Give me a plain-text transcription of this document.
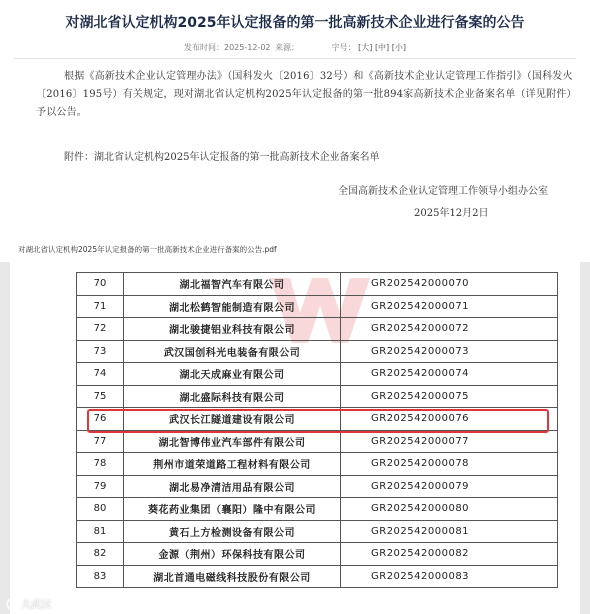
对湖北省认定机构2025年认定报备的第一批高新技术企业进行备案的公告
发布时间：2025-12-02 来源：	字号： [大] [中] [小]
根据《高新技术企业认定管理办法》（国科发火〔2016〕32号）和《高新技术企业认定管理工作指引》（国科发火〔2016〕195号）有关规定，现对湖北省认定机构2025年认定报备的第一批894家高新技术企业备案名单（详见附件）予以公告。
附件：湖北省认定机构2025年认定报备的第一批高新技术企业备案名单
全国高新技术企业认定管理工作领导小组办公室
2025年12月2日
对湖北省认定机构2025年认定报备的第一批高新技术企业进行备案的公告.pdf
70	湖北福智汽车有限公司	GR202542000070
71	湖北松鹤智能制造有限公司	GR202542000071
72	湖北骏捷铝业科技有限公司	GR202542000072
73	武汉国创科光电装备有限公司	GR202542000073
74	湖北天成麻业有限公司	GR202542000074
75	湖北盛际科技有限公司	GR202542000075
76	武汉长江隧道建设有限公司	GR202542000076
77	湖北智博伟业汽车部件有限公司	GR202542000077
78	荆州市道荣道路工程材料有限公司	GR202542000078
79	湖北易净清洁用品有限公司	GR202542000079
80	葵花药业集团（襄阳）隆中有限公司	GR202542000080
81	黄石上方检测设备有限公司	GR202542000081
82	金源（荆州）环保科技有限公司	GR202542000082
83	湖北首通电磁线科技股份有限公司	GR202542000083
大武汉
